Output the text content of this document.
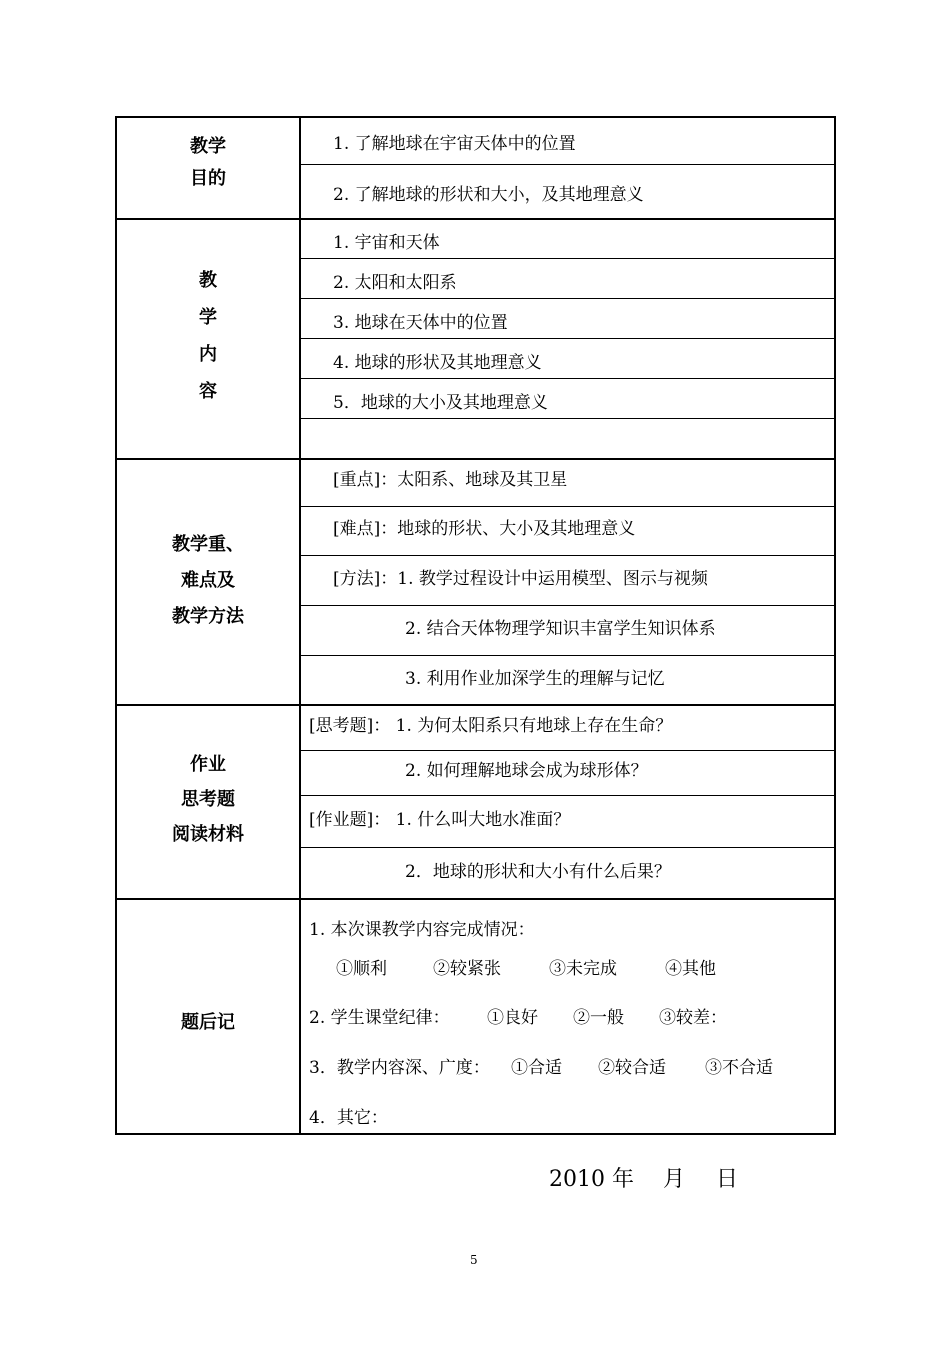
教学
目的
1. 了解地球在宇宙天体中的位置
2. 了解地球的形状和大小，及其地理意义
教
学
内
容
1. 宇宙和天体
2. 太阳和太阳系
3. 地球在天体中的位置
4. 地球的形状及其地理意义
5．地球的大小及其地理意义
教学重、
难点及
教学方法
[重点]：太阳系、地球及其卫星
[难点]：地球的形状、大小及其地理意义
[方法]：1. 教学过程设计中运用模型、图示与视频
2. 结合天体物理学知识丰富学生知识体系
3. 利用作业加深学生的理解与记忆
作业
思考题
阅读材料
[思考题]： 1. 为何太阳系只有地球上存在生命？
2. 如何理解地球会成为球形体？
[作业题]： 1. 什么叫大地水准面？
2．地球的形状和大小有什么后果？
题后记
1. 本次课教学内容完成情况：
①顺利	②较紧张	③未完成	④其他
2. 学生课堂纪律： ①良好 ②一般 ③较差：
3．教学内容深、广度： ①合适 ②较合适 ③不合适
4．其它：
2010 年 月 日
5
